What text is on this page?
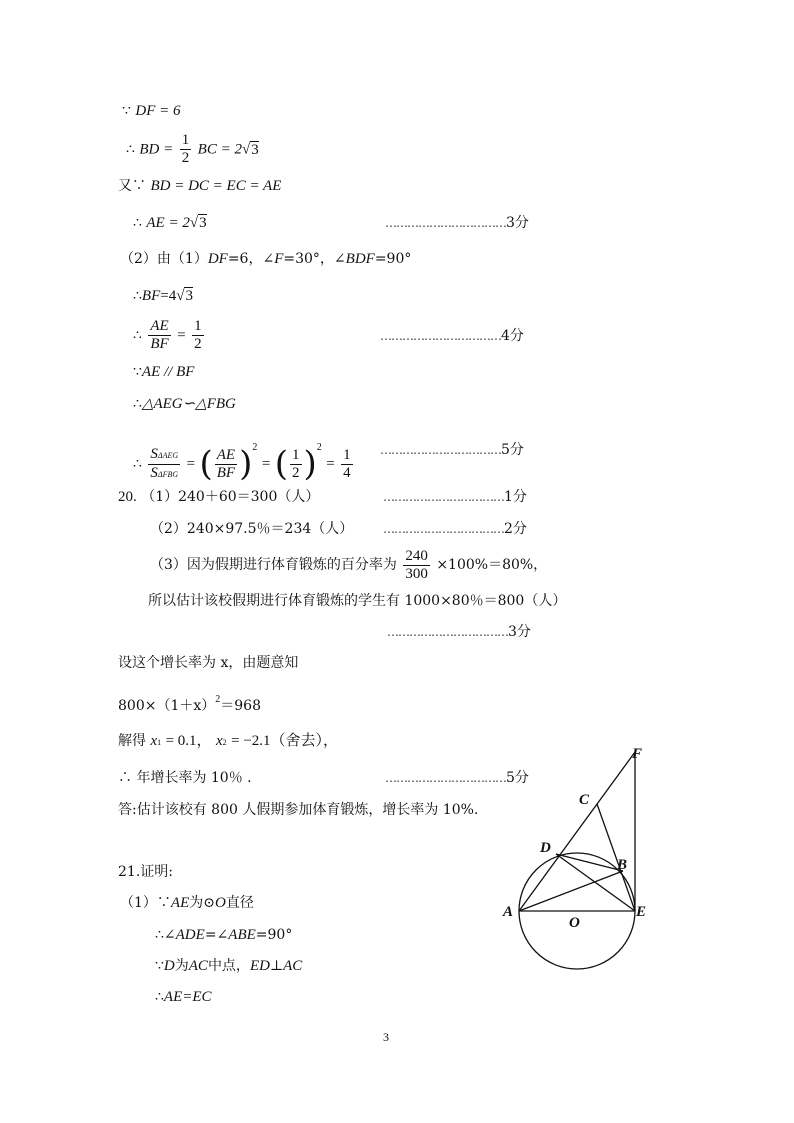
∵ DF = 6
∴ BD = $\frac{1}{2}$ BC = 2√3
又∵ BD = DC = EC = AE
∴ AE = 2√3	……………………………3分
（2）由（1）DF=6，∠F=30°，∠BDF=90°
∴BF=4√3
∴ $\frac{AE}{BF} = \frac{1}{2}$	……………………………4分
∵AE // BF
∴△AEG∽△FBG
∴ $\frac{\text{SΔAEG}}{\text{SΔFBG}}$ = ( $\frac{AE}{BF} )^2$ = ( $\frac{1}{2} )^2 = \frac{1}{4}$ ……………………………5分
20. （1）240＋60＝300（人）	……………………………1分
（2）240×97.5％＝234（人） ……………………………2分
（3）因为假期进行体育锻炼的百分率为 $\frac{240}{300} \times 100\%=80\%$，
所以估计该校假期进行体育锻炼的学生有 1000×80％＝800（人）
……………………………3分
设这个增长率为 x，由题意知
$800\times(1+x)^2=968$
解得 x1 = 0.1， x2 = −2.1（舍去），
∴ 年增长率为 10％ .	……………………………5分
答:估计该校有 800 人假期参加体育锻炼，增长率为 10%.
21.证明:
（1）∵AE为⊙O直径
∴∠ADE=∠ABE=90°
∵D为AC中点，ED⊥AC
∴AE=EC
F
C
D
B
A
O
E
3
